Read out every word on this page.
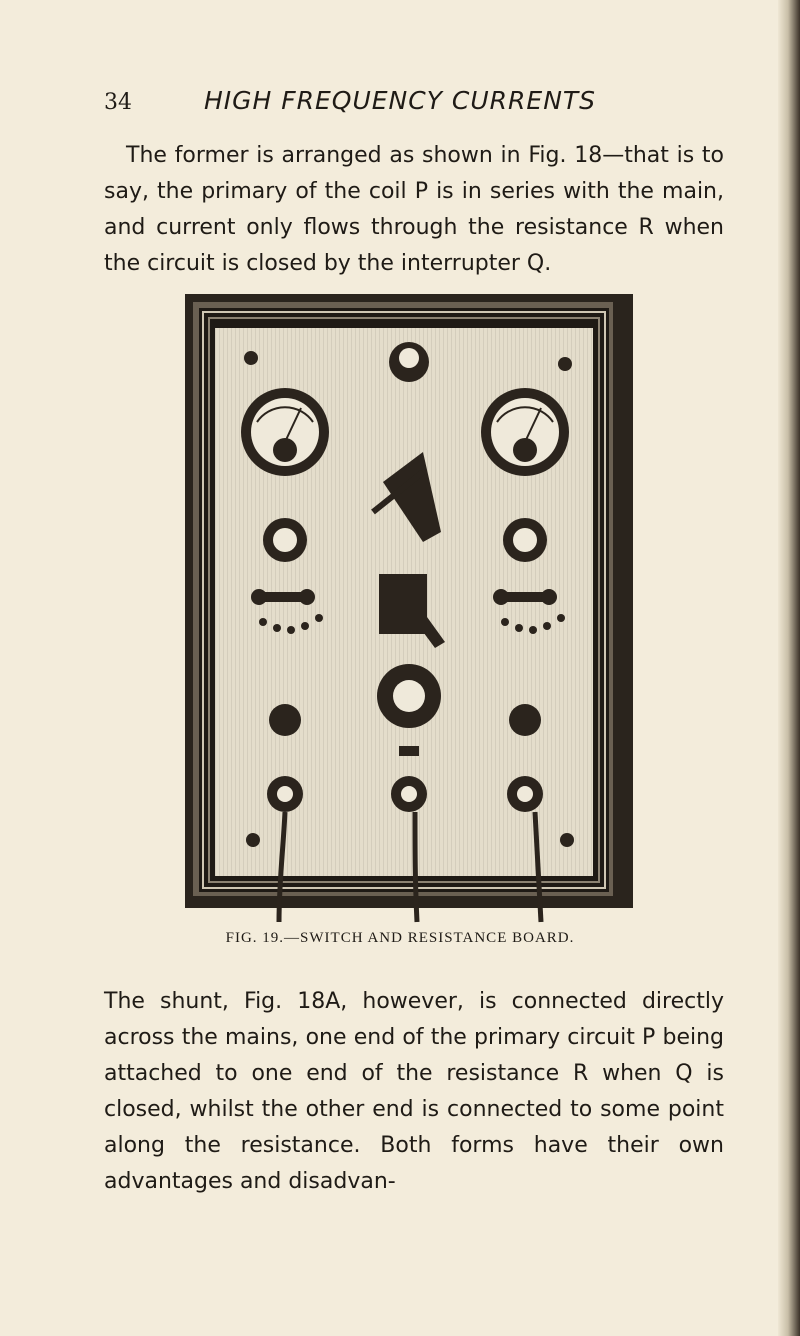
34	HIGH FREQUENCY CURRENTS

The former is arranged as shown in Fig. 18—that is to say, the primary of the coil P is in series with the main, and current only flows through the resistance R when the circuit is closed by the interrupter Q.

FIG. 19.—SWITCH AND RESISTANCE BOARD.

The shunt, Fig. 18A, however, is connected directly across the mains, one end of the primary circuit P being attached to one end of the resistance R when Q is closed, whilst the other end is connected to some point along the resistance. Both forms have their own advantages and disadvan-
